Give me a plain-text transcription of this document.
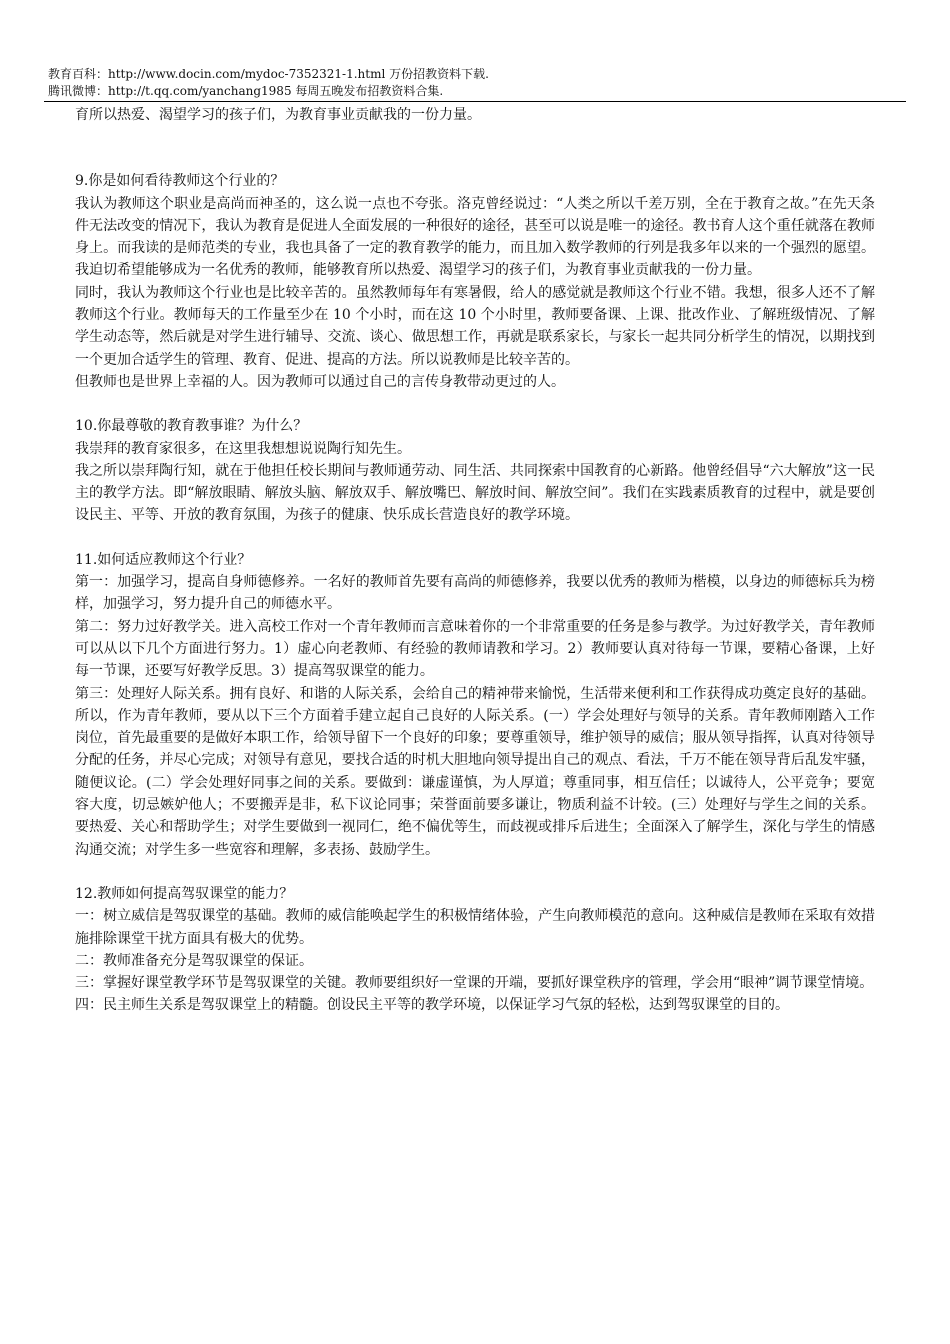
教育百科：http://www.docin.com/mydoc-7352321-1.html 万份招教资料下载.
腾讯微博：http://t.qq.com/yanchang1985 每周五晚发布招教资料合集.

育所以热爱、渴望学习的孩子们，为教育事业贡献我的一份力量。

9.你是如何看待教师这个行业的？

我认为教师这个职业是高尚而神圣的，这么说一点也不夸张。洛克曾经说过：“人类之所以千差万别，全在于教育之故。”在先天条件无法改变的情况下，我认为教育是促进人全面发展的一种很好的途径，甚至可以说是唯一的途径。教书育人这个重任就落在教师身上。而我读的是师范类的专业，我也具备了一定的教育教学的能力，而且加入数学教师的行列是我多年以来的一个强烈的愿望。我迫切希望能够成为一名优秀的教师，能够教育所以热爱、渴望学习的孩子们，为教育事业贡献我的一份力量。

同时，我认为教师这个行业也是比较辛苦的。虽然教师每年有寒暑假，给人的感觉就是教师这个行业不错。我想，很多人还不了解教师这个行业。教师每天的工作量至少在 10 个小时，而在这 10 个小时里，教师要备课、上课、批改作业、了解班级情况、了解学生动态等，然后就是对学生进行辅导、交流、谈心、做思想工作，再就是联系家长，与家长一起共同分析学生的情况，以期找到一个更加合适学生的管理、教育、促进、提高的方法。所以说教师是比较辛苦的。

但教师也是世界上幸福的人。因为教师可以通过自己的言传身教带动更过的人。

10.你最尊敬的教育教事谁？为什么？

我崇拜的教育家很多，在这里我想想说说陶行知先生。

我之所以崇拜陶行知，就在于他担任校长期间与教师通劳动、同生活、共同探索中国教育的心新路。他曾经倡导“六大解放”这一民主的教学方法。即“解放眼睛、解放头脑、解放双手、解放嘴巴、解放时间、解放空间”。我们在实践素质教育的过程中，就是要创设民主、平等、开放的教育氛围，为孩子的健康、快乐成长营造良好的教学环境。

11.如何适应教师这个行业？

第一：加强学习，提高自身师德修养。一名好的教师首先要有高尚的师德修养，我要以优秀的教师为楷模，以身边的师德标兵为榜样，加强学习，努力提升自己的师德水平。

第二：努力过好教学关。进入高校工作对一个青年教师而言意味着你的一个非常重要的任务是参与教学。为过好教学关，青年教师可以从以下几个方面进行努力。1）虚心向老教师、有经验的教师请教和学习。2）教师要认真对待每一节课，要精心备课，上好每一节课，还要写好教学反思。3）提高驾驭课堂的能力。

第三：处理好人际关系。拥有良好、和谐的人际关系，会给自己的精神带来愉悦，生活带来便利和工作获得成功奠定良好的基础。所以，作为青年教师，要从以下三个方面着手建立起自己良好的人际关系。(一）学会处理好与领导的关系。青年教师刚踏入工作岗位，首先最重要的是做好本职工作，给领导留下一个良好的印象；要尊重领导，维护领导的威信；服从领导指挥，认真对待领导分配的任务，并尽心完成；对领导有意见，要找合适的时机大胆地向领导提出自己的观点、看法，千万不能在领导背后乱发牢骚，随便议论。(二）学会处理好同事之间的关系。要做到：谦虚谨慎，为人厚道；尊重同事，相互信任；以诚待人，公平竞争；要宽容大度，切忌嫉妒他人；不要搬弄是非，私下议论同事；荣誉面前要多谦让，物质利益不计较。(三）处理好与学生之间的关系。要热爱、关心和帮助学生；对学生要做到一视同仁，绝不偏优等生，而歧视或排斥后进生；全面深入了解学生，深化与学生的情感沟通交流；对学生多一些宽容和理解，多表扬、鼓励学生。

12.教师如何提高驾驭课堂的能力？

一：树立威信是驾驭课堂的基础。教师的威信能唤起学生的积极情绪体验，产生向教师模范的意向。这种威信是教师在采取有效措施排除课堂干扰方面具有极大的优势。

二：教师准备充分是驾驭课堂的保证。

三：掌握好课堂教学环节是驾驭课堂的关键。教师要组织好一堂课的开端，要抓好课堂秩序的管理，学会用“眼神”调节课堂情境。

四：民主师生关系是驾驭课堂上的精髓。创设民主平等的教学环境，以保证学习气氛的轻松，达到驾驭课堂的目的。
